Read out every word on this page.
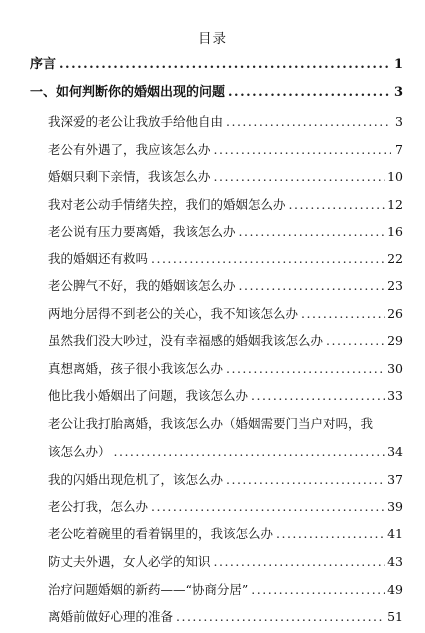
目录
序言 .....	1
一、如何判断你的婚姻出现的问题 .....	3
我深爱的老公让我放手给他自由 .....	3
老公有外遇了，我应该怎么办 .....	7
婚姻只剩下亲情，我该怎么办 .....	10
我对老公动手情绪失控，我们的婚姻怎么办 .....	12
老公说有压力要离婚，我该怎么办 .....	16
我的婚姻还有救吗 .....	22
老公脾气不好，我的婚姻该怎么办 .....	23
两地分居得不到老公的关心，我不知该怎么办 .....	26
虽然我们没大吵过，没有幸福感的婚姻我该怎么办 .....	29
真想离婚，孩子很小我该怎么办 .....	30
他比我小婚姻出了问题，我该怎么办 .....	33
老公让我打胎离婚，我该怎么办（婚姻需要门当户对吗，我
该怎么办） .....	34
我的闪婚出现危机了，该怎么办 .....	37
老公打我，怎么办 .....	39
老公吃着碗里的看着锅里的，我该怎么办 .....	41
防丈夫外遇，女人必学的知识 .....	43
治疗问题婚姻的新药——“协商分居” .....	49
离婚前做好心理的准备 .....	51
